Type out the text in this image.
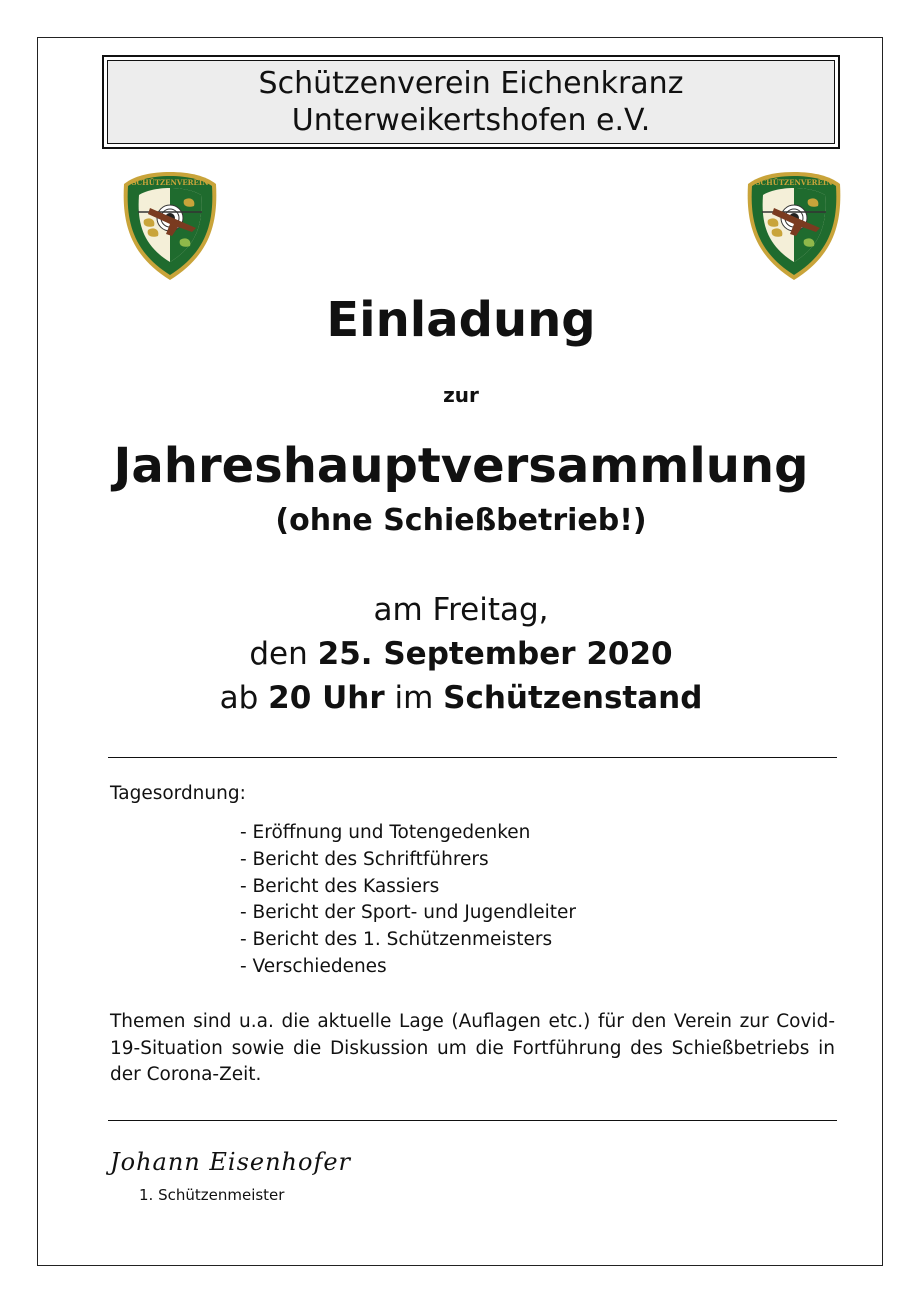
Schützenverein Eichenkranz
Unterweikertshofen e.V.
SCHÜTZENVEREIN	SCHÜTZENVEREIN
Einladung
zur
Jahreshauptversammlung
(ohne Schießbetrieb!)
am Freitag,
den 25. September 2020
ab 20 Uhr im Schützenstand
Tagesordnung:
- Eröffnung und Totengedenken
- Bericht des Schriftführers
- Bericht des Kassiers
- Bericht der Sport- und Jugendleiter
- Bericht des 1. Schützenmeisters
- Verschiedenes
Themen sind u.a. die aktuelle Lage (Auflagen etc.) für den Verein zur Covid-19-Situation sowie die Diskussion um die Fortführung des Schießbetriebs in der Corona-Zeit.
Johann Eisenhofer
1. Schützenmeister
